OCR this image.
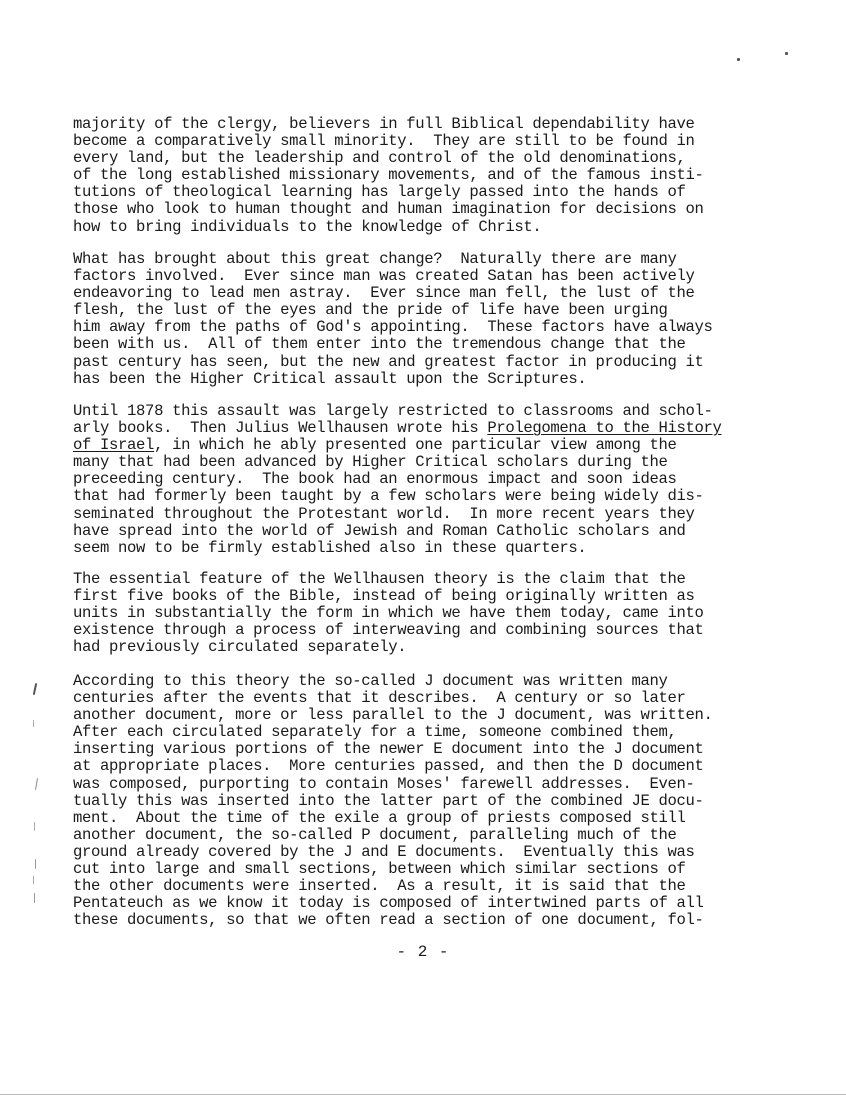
majority of the clergy, believers in full Biblical dependability have
become a comparatively small minority.  They are still to be found in
every land, but the leadership and control of the old denominations,
of the long established missionary movements, and of the famous insti-
tutions of theological learning has largely passed into the hands of
those who look to human thought and human imagination for decisions on
how to bring individuals to the knowledge of Christ.
What has brought about this great change?  Naturally there are many
factors involved.  Ever since man was created Satan has been actively
endeavoring to lead men astray.  Ever since man fell, the lust of the
flesh, the lust of the eyes and the pride of life have been urging
him away from the paths of God's appointing.  These factors have always
been with us.  All of them enter into the tremendous change that the
past century has seen, but the new and greatest factor in producing it
has been the Higher Critical assault upon the Scriptures.
Until 1878 this assault was largely restricted to classrooms and schol-
arly books.  Then Julius Wellhausen wrote his Prolegomena to the History
of Israel, in which he ably presented one particular view among the
many that had been advanced by Higher Critical scholars during the
preceeding century.  The book had an enormous impact and soon ideas
that had formerly been taught by a few scholars were being widely dis-
seminated throughout the Protestant world.  In more recent years they
have spread into the world of Jewish and Roman Catholic scholars and
seem now to be firmly established also in these quarters.
The essential feature of the Wellhausen theory is the claim that the
first five books of the Bible, instead of being originally written as
units in substantially the form in which we have them today, came into
existence through a process of interweaving and combining sources that
had previously circulated separately.
According to this theory the so-called J document was written many
centuries after the events that it describes.  A century or so later
another document, more or less parallel to the J document, was written.
After each circulated separately for a time, someone combined them,
inserting various portions of the newer E document into the J document
at appropriate places.  More centuries passed, and then the D document
was composed, purporting to contain Moses' farewell addresses.  Even-
tually this was inserted into the latter part of the combined JE docu-
ment.  About the time of the exile a group of priests composed still
another document, the so-called P document, paralleling much of the
ground already covered by the J and E documents.  Eventually this was
cut into large and small sections, between which similar sections of
the other documents were inserted.  As a result, it is said that the
Pentateuch as we know it today is composed of intertwined parts of all
these documents, so that we often read a section of one document, fol-
- 2 -
